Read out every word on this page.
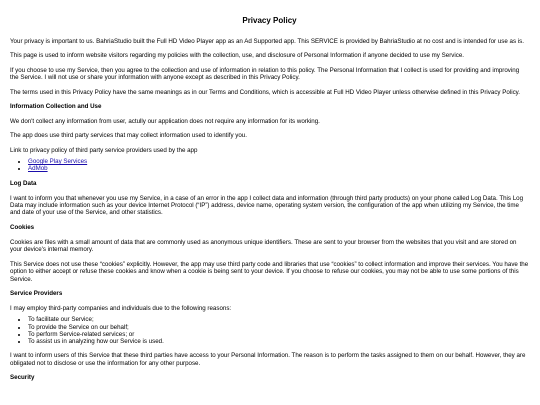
Privacy Policy

Your privacy is important to us. BahriaStudio built the Full HD Video Player app as an Ad Supported app. This SERVICE is provided by BahriaStudio at no cost and is intended for use as is.

This page is used to inform website visitors regarding my policies with the collection, use, and disclosure of Personal Information if anyone decided to use my Service.

If you choose to use my Service, then you agree to the collection and use of information in relation to this policy. The Personal Information that I collect is used for providing and improving the Service. I will not use or share your information with anyone except as described in this Privacy Policy.

The terms used in this Privacy Policy have the same meanings as in our Terms and Conditions, which is accessible at Full HD Video Player unless otherwise defined in this Privacy Policy.

Information Collection and Use

We don't collect any information from user, actully our application does not require any information for its working.

The app does use third party services that may collect information used to identify you.

Link to privacy policy of third party service providers used by the app

• Google Play Services
• AdMob
Log Data

I want to inform you that whenever you use my Service, in a case of an error in the app I collect data and information (through third party products) on your phone called Log Data. This Log Data may include information such as your device Internet Protocol (“IP”) address, device name, operating system version, the configuration of the app when utilizing my Service, the time and date of your use of the Service, and other statistics.

Cookies

Cookies are files with a small amount of data that are commonly used as anonymous unique identifiers. These are sent to your browser from the websites that you visit and are stored on your device's internal memory.

This Service does not use these “cookies” explicitly. However, the app may use third party code and libraries that use “cookies” to collect information and improve their services. You have the option to either accept or refuse these cookies and know when a cookie is being sent to your device. If you choose to refuse our cookies, you may not be able to use some portions of this Service.

Service Providers

I may employ third-party companies and individuals due to the following reasons:

• To facilitate our Service;
• To provide the Service on our behalf;
• To perform Service-related services; or
• To assist us in analyzing how our Service is used.

I want to inform users of this Service that these third parties have access to your Personal Information. The reason is to perform the tasks assigned to them on our behalf. However, they are obligated not to disclose or use the information for any other purpose.

Security
